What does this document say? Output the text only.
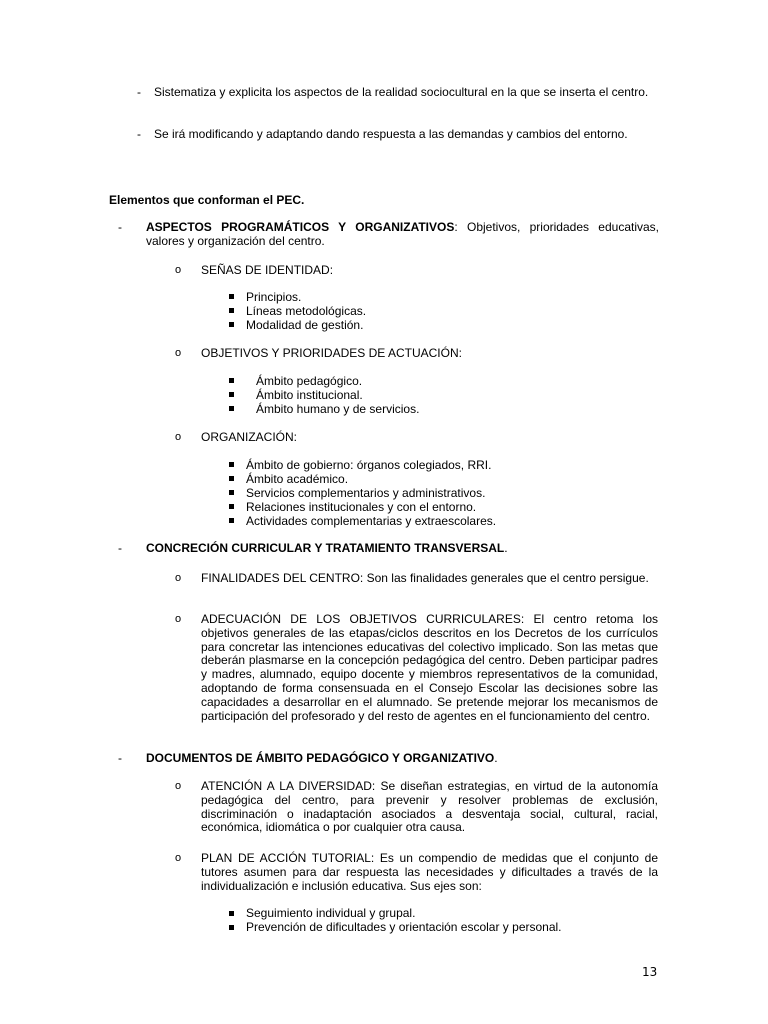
-	Sistematiza y explicita los aspectos de la realidad sociocultural en la que se inserta el centro.
-	Se irá modificando y adaptando dando respuesta a las demandas y cambios del entorno.
Elementos que conforman el PEC.
-	ASPECTOS PROGRAMÁTICOS Y ORGANIZATIVOS: Objetivos, prioridades educativas, valores y organización del centro.
o SEÑAS DE IDENTIDAD:
Principios.
Líneas metodológicas.
Modalidad de gestión.
o OBJETIVOS Y PRIORIDADES DE ACTUACIÓN:
Ámbito pedagógico.
Ámbito institucional.
Ámbito humano y de servicios.
o ORGANIZACIÓN:
Ámbito de gobierno: órganos colegiados, RRI.
Ámbito académico.
Servicios complementarios y administrativos.
Relaciones institucionales y con el entorno.
Actividades complementarias y extraescolares.
-	CONCRECIÓN CURRICULAR Y TRATAMIENTO TRANSVERSAL.
o FINALIDADES DEL CENTRO: Son las finalidades generales que el centro persigue.
o ADECUACIÓN DE LOS OBJETIVOS CURRICULARES: El centro retoma los objetivos generales de las etapas/ciclos descritos en los Decretos de los currículos para concretar las intenciones educativas del colectivo implicado. Son las metas que deberán plasmarse en la concepción pedagógica del centro. Deben participar padres y madres, alumnado, equipo docente y miembros representativos de la comunidad, adoptando de forma consensuada en el Consejo Escolar las decisiones sobre las capacidades a desarrollar en el alumnado. Se pretende mejorar los mecanismos de participación del profesorado y del resto de agentes en el funcionamiento del centro.
-	DOCUMENTOS DE ÁMBITO PEDAGÓGICO Y ORGANIZATIVO.
o ATENCIÓN A LA DIVERSIDAD: Se diseñan estrategias, en virtud de la autonomía pedagógica del centro, para prevenir y resolver problemas de exclusión, discriminación o inadaptación asociados a desventaja social, cultural, racial, económica, idiomática o por cualquier otra causa.
o PLAN DE ACCIÓN TUTORIAL: Es un compendio de medidas que el conjunto de tutores asumen para dar respuesta las necesidades y dificultades a través de la individualización e inclusión educativa. Sus ejes son:
Seguimiento individual y grupal.
Prevención de dificultades y orientación escolar y personal.
13
